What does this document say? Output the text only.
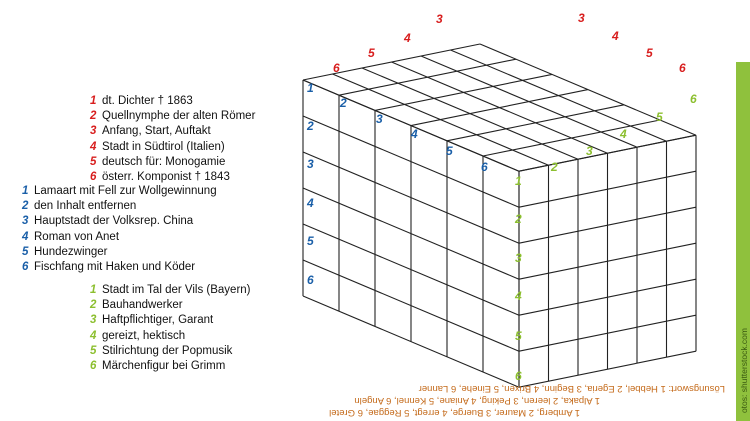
1 dt. Dichter † 1863
2 Quellnymphe der alten Römer
3 Anfang, Start, Auftakt
4 Stadt in Südtirol (Italien)
5 deutsch für: Monogamie
6 österr. Komponist † 1843
1 Lamaart mit Fell zur Wollgewinnung
2 den Inhalt entfernen
3 Hauptstadt der Volksrep. China
4 Roman von Anet
5 Hundezwinger
6 Fischfang mit Haken und Köder
1 Stadt im Tal der Vils (Bayern)
2 Bauhandwerker
3 Haftpflichtiger, Garant
4 gereizt, hektisch
5 Stilrichtung der Popmusik
6 Märchenfigur bei Grimm
6
5
4
3	3
4
5
6
1
2
3
4
5
6
2
3
4
5
6
1
2
3
4
5
6
2
3
4
5
6
1 Amberg, 2 Maurer, 3 Buerge, 4 erregt, 5 Reggae, 6 Gretel
1 Alpaka, 2 leeren, 3 Peking, 4 Aniane, 5 Kennel, 6 Angeln
Lösungswort: 1 Hebbel, 2 Egeria, 3 Beginn, 4 Brixen, 5 Einehe, 6 Lanner otos: shutterstock.com
